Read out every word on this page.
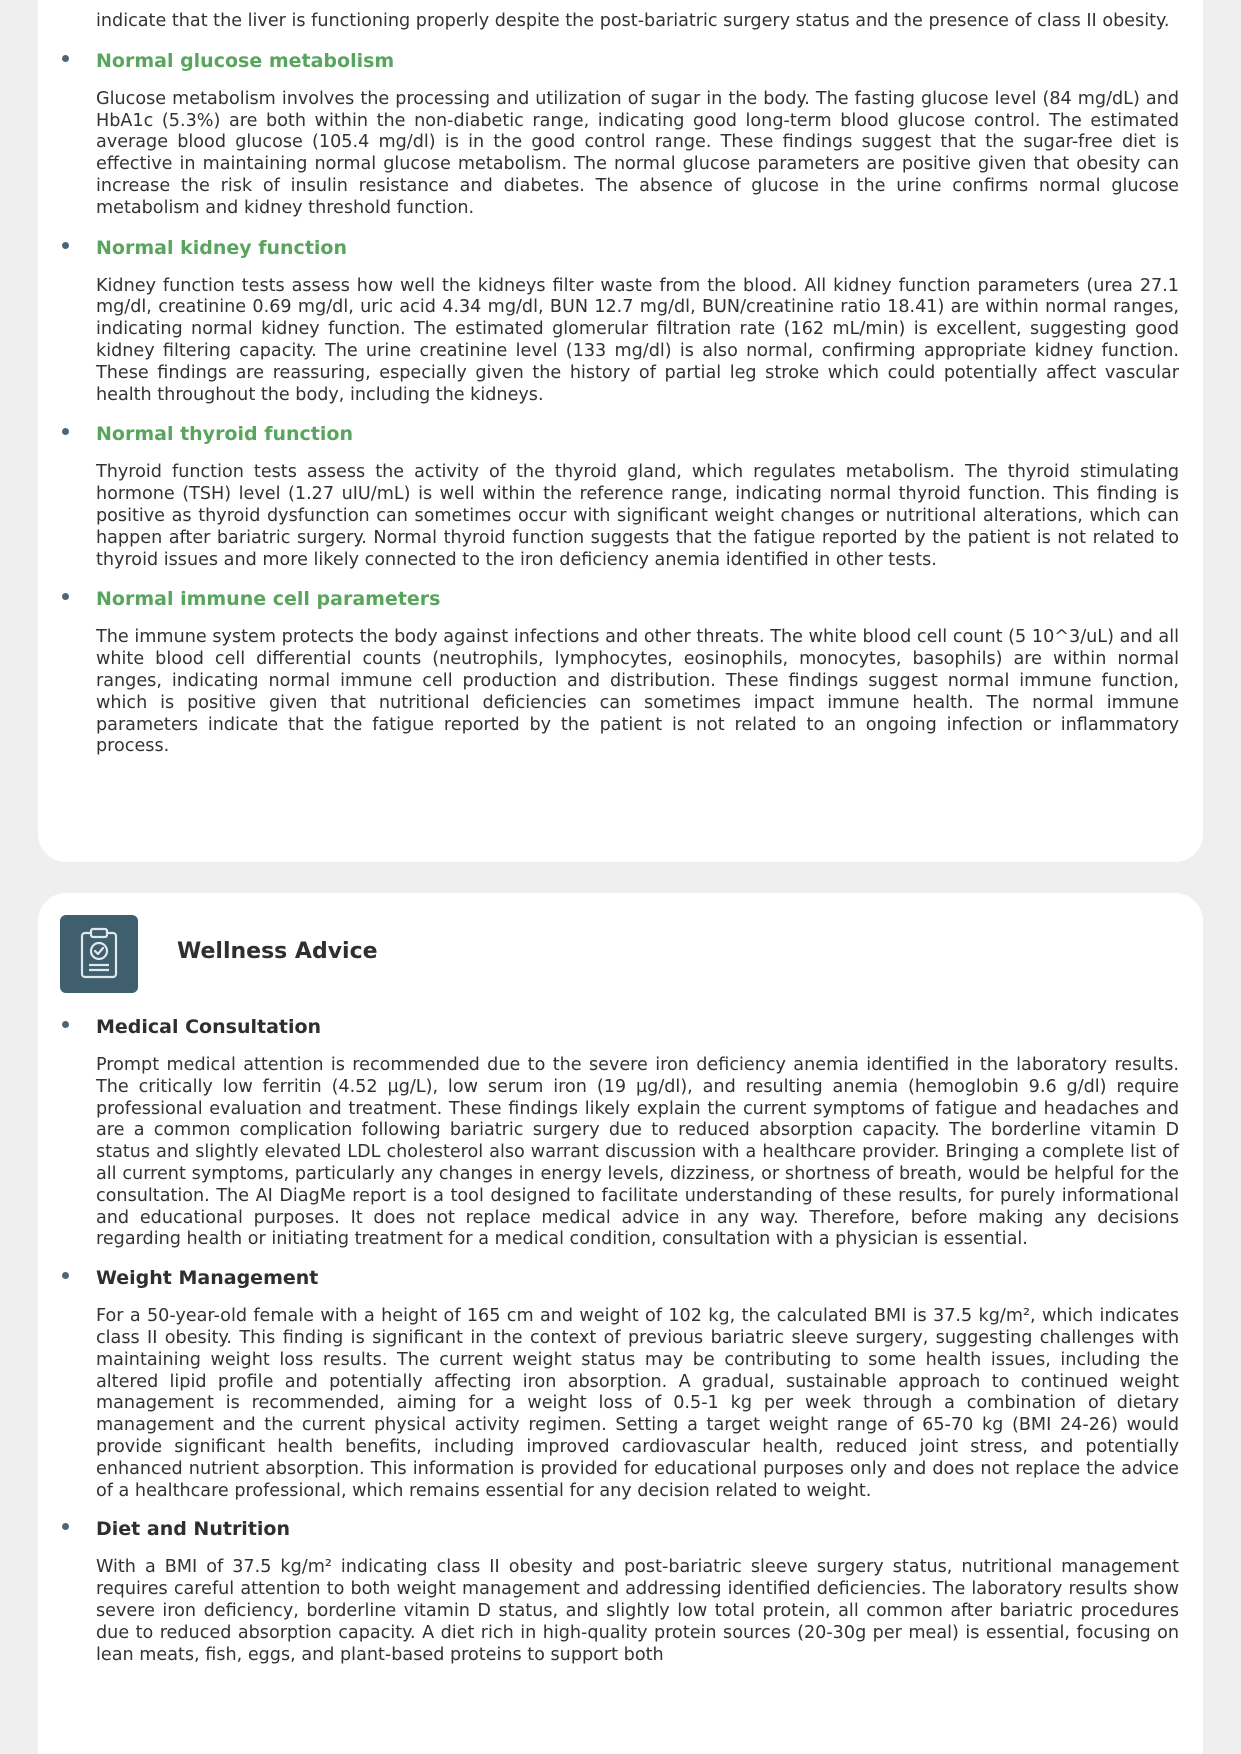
indicate that the liver is functioning properly despite the post-bariatric surgery status and the presence of class II obesity.

Normal glucose metabolism

Glucose metabolism involves the processing and utilization of sugar in the body. The fasting glucose level (84 mg/dL) and HbA1c (5.3%) are both within the non-diabetic range, indicating good long-term blood glucose control. The estimated average blood glucose (105.4 mg/dl) is in the good control range. These findings suggest that the sugar-free diet is effective in maintaining normal glucose metabolism. The normal glucose parameters are positive given that obesity can increase the risk of insulin resistance and diabetes. The absence of glucose in the urine confirms normal glucose metabolism and kidney threshold function.

Normal kidney function

Kidney function tests assess how well the kidneys filter waste from the blood. All kidney function parameters (urea 27.1 mg/dl, creatinine 0.69 mg/dl, uric acid 4.34 mg/dl, BUN 12.7 mg/dl, BUN/creatinine ratio 18.41) are within normal ranges, indicating normal kidney function. The estimated glomerular filtration rate (162 mL/min) is excellent, suggesting good kidney filtering capacity. The urine creatinine level (133 mg/dl) is also normal, confirming appropriate kidney function. These findings are reassuring, especially given the history of partial leg stroke which could potentially affect vascular health throughout the body, including the kidneys.

Normal thyroid function

Thyroid function tests assess the activity of the thyroid gland, which regulates metabolism. The thyroid stimulating hormone (TSH) level (1.27 uIU/mL) is well within the reference range, indicating normal thyroid function. This finding is positive as thyroid dysfunction can sometimes occur with significant weight changes or nutritional alterations, which can happen after bariatric surgery. Normal thyroid function suggests that the fatigue reported by the patient is not related to thyroid issues and more likely connected to the iron deficiency anemia identified in other tests.

Normal immune cell parameters

The immune system protects the body against infections and other threats. The white blood cell count (5 10^3/uL) and all white blood cell differential counts (neutrophils, lymphocytes, eosinophils, monocytes, basophils) are within normal ranges, indicating normal immune cell production and distribution. These findings suggest normal immune function, which is positive given that nutritional deficiencies can sometimes impact immune health. The normal immune parameters indicate that the fatigue reported by the patient is not related to an ongoing infection or inflammatory process.

Wellness Advice

Medical Consultation

Prompt medical attention is recommended due to the severe iron deficiency anemia identified in the laboratory results. The critically low ferritin (4.52 µg/L), low serum iron (19 µg/dl), and resulting anemia (hemoglobin 9.6 g/dl) require professional evaluation and treatment. These findings likely explain the current symptoms of fatigue and headaches and are a common complication following bariatric surgery due to reduced absorption capacity. The borderline vitamin D status and slightly elevated LDL cholesterol also warrant discussion with a healthcare provider. Bringing a complete list of all current symptoms, particularly any changes in energy levels, dizziness, or shortness of breath, would be helpful for the consultation. The AI DiagMe report is a tool designed to facilitate understanding of these results, for purely informational and educational purposes. It does not replace medical advice in any way. Therefore, before making any decisions regarding health or initiating treatment for a medical condition, consultation with a physician is essential.

Weight Management

For a 50-year-old female with a height of 165 cm and weight of 102 kg, the calculated BMI is 37.5 kg/m², which indicates class II obesity. This finding is significant in the context of previous bariatric sleeve surgery, suggesting challenges with maintaining weight loss results. The current weight status may be contributing to some health issues, including the altered lipid profile and potentially affecting iron absorption. A gradual, sustainable approach to continued weight management is recommended, aiming for a weight loss of 0.5-1 kg per week through a combination of dietary management and the current physical activity regimen. Setting a target weight range of 65-70 kg (BMI 24-26) would provide significant health benefits, including improved cardiovascular health, reduced joint stress, and potentially enhanced nutrient absorption. This information is provided for educational purposes only and does not replace the advice of a healthcare professional, which remains essential for any decision related to weight.

Diet and Nutrition

With a BMI of 37.5 kg/m² indicating class II obesity and post-bariatric sleeve surgery status, nutritional management requires careful attention to both weight management and addressing identified deficiencies. The laboratory results show severe iron deficiency, borderline vitamin D status, and slightly low total protein, all common after bariatric procedures due to reduced absorption capacity. A diet rich in high-quality protein sources (20-30g per meal) is essential, focusing on lean meats, fish, eggs, and plant-based proteins to support both
